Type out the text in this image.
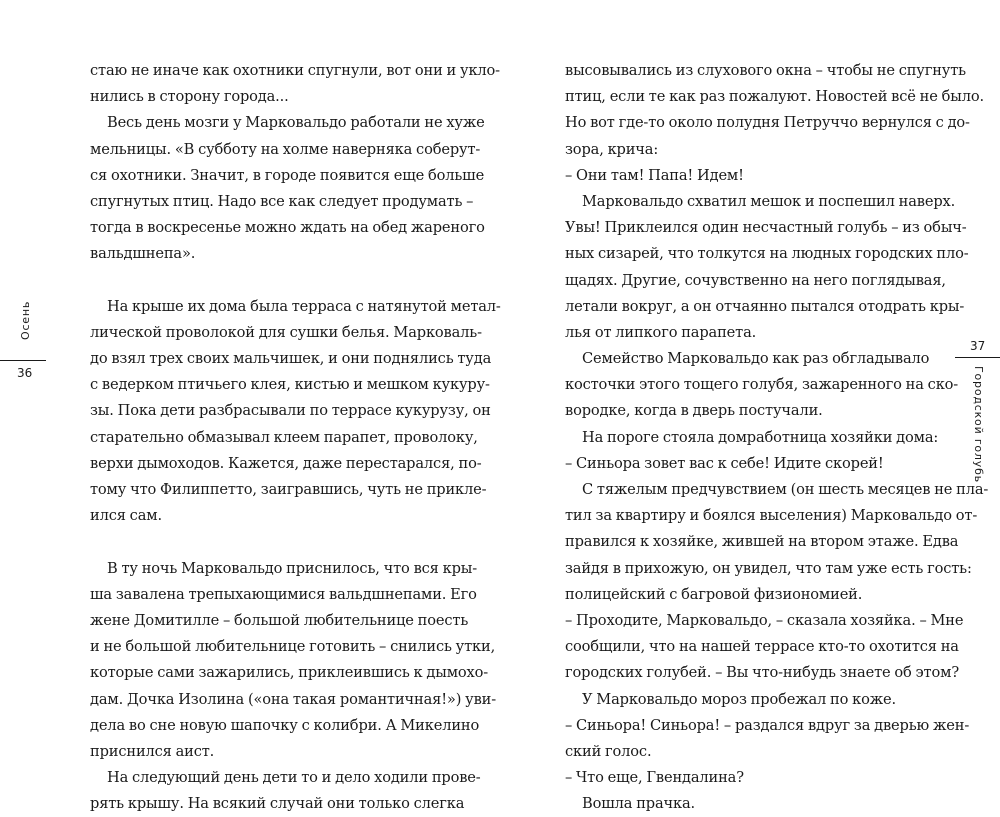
стаю не иначе как охотники спугнули, вот они и укло-
нились в сторону города...
Весь день мозги у Марковальдо работали не хуже
мельницы. «В субботу на холме наверняка соберут-
ся охотники. Значит, в городе появится еще больше
спугнутых птиц. Надо все как следует продумать –
тогда в воскресенье можно ждать на обед жареного
вальдшнепа».
На крыше их дома была терраса с натянутой метал-
лической проволокой для сушки белья. Марковаль-
до взял трех своих мальчишек, и они поднялись туда
с ведерком птичьего клея, кистью и мешком кукуру-
зы. Пока дети разбрасывали по террасе кукурузу, он
старательно обмазывал клеем парапет, проволоку,
верхи дымоходов. Кажется, даже перестарался, по-
тому что Филиппетто, заигравшись, чуть не прикле-
ился сам.
В ту ночь Марковальдо приснилось, что вся кры-
ша завалена трепыхающимися вальдшнепами. Его
жене Домитилле – большой любительнице поесть
и не большой любительнице готовить – снились утки,
которые сами зажарились, приклеившись к дымохо-
дам. Дочка Изолина («она такая романтичная!») уви-
дела во сне новую шапочку с колибри. А Микелино
приснился аист.
На следующий день дети то и дело ходили прове-
рять крышу. На всякий случай они только слегка
высовывались из слухового окна – чтобы не спугнуть
птиц, если те как раз пожалуют. Новостей всё не было.
Но вот где-то около полудня Петруччо вернулся с до-
зора, крича:
– Они там! Папа! Идем!
Марковальдо схватил мешок и поспешил наверх.
Увы! Приклеился один несчастный голубь – из обыч-
ных сизарей, что толкутся на людных городских пло-
щадях. Другие, сочувственно на него поглядывая,
летали вокруг, а он отчаянно пытался отодрать кры-
лья от липкого парапета.
Семейство Марковальдо как раз обгладывало
косточки этого тощего голубя, зажаренного на ско-
вородке, когда в дверь постучали.
На пороге стояла домработница хозяйки дома:
– Синьора зовет вас к себе! Идите скорей!
С тяжелым предчувствием (он шесть месяцев не пла-
тил за квартиру и боялся выселения) Марковальдо от-
правился к хозяйке, жившей на втором этаже. Едва
зайдя в прихожую, он увидел, что там уже есть гость:
полицейский с багровой физиономией.
– Проходите, Марковальдо, – сказала хозяйка. – Мне
сообщили, что на нашей террасе кто-то охотится на
городских голубей. – Вы что-нибудь знаете об этом?
У Марковальдо мороз пробежал по коже.
– Синьора! Синьора! – раздался вдруг за дверью жен-
ский голос.
– Что еще, Гвендалина?
Вошла прачка.
Осень
36
37
Городской голубь
